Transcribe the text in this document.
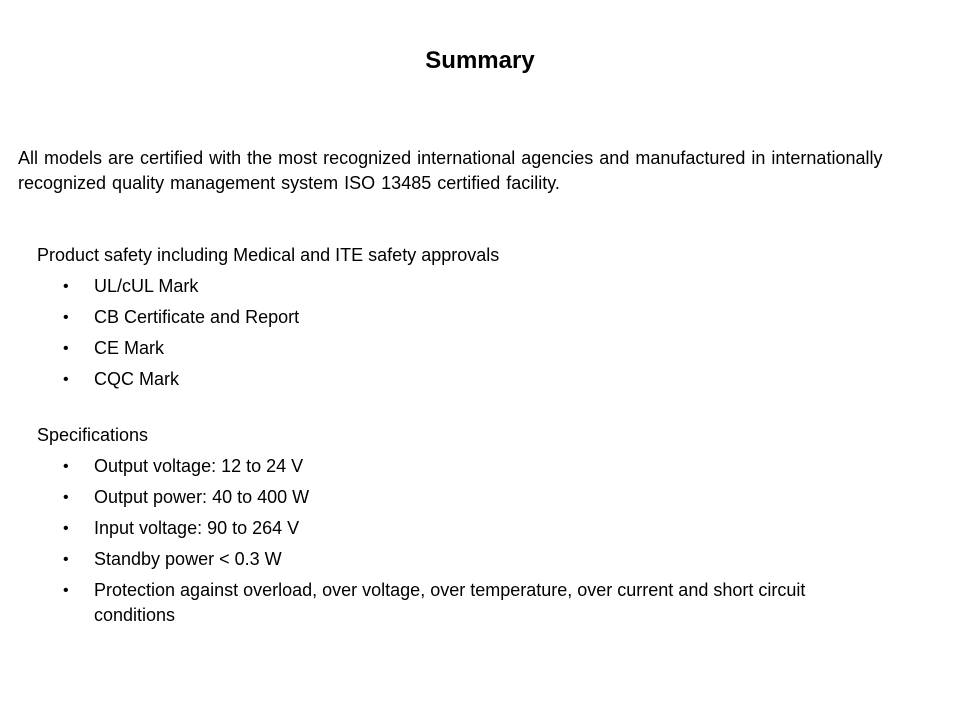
Summary
All models are certified with the most recognized international agencies and manufactured in internationally recognized quality management system ISO 13485 certified facility.

Product safety including Medical and ITE safety approvals

• UL/cUL Mark
• CB Certificate and Report
• CE Mark
• CQC Mark

Specifications

• Output voltage: 12 to 24 V
• Output power: 40 to 400 W
• Input voltage: 90 to 264 V
• Standby power < 0.3 W
• Protection against overload, over voltage, over temperature, over current and short circuit conditions
